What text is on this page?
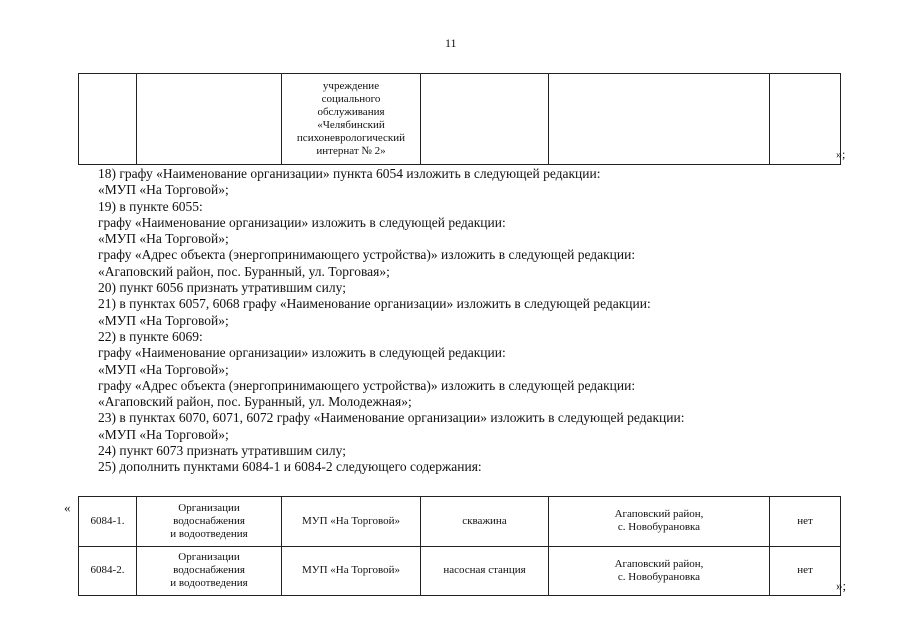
11
		учреждение
социального
обслуживания
«Челябинский
психоневрологический
интернат № 2»				»;
18) графу «Наименование организации» пункта 6054 изложить в следующей редакции:
«МУП «На Торговой»;
19) в пункте 6055:
графу «Наименование организации» изложить в следующей редакции:
«МУП «На Торговой»;
графу «Адрес объекта (энергопринимающего устройства)» изложить в следующей редакции:
«Агаповский район, пос. Буранный, ул. Торговая»;
20) пункт 6056 признать утратившим силу;
21) в пунктах 6057, 6068 графу «Наименование организации» изложить в следующей редакции:
«МУП «На Торговой»;
22) в пункте 6069:
графу «Наименование организации» изложить в следующей редакции:
«МУП «На Торговой»;
графу «Адрес объекта (энергопринимающего устройства)» изложить в следующей редакции:
«Агаповский район, пос. Буранный, ул. Молодежная»;
23) в пунктах 6070, 6071, 6072 графу «Наименование организации» изложить в следующей редакции:
«МУП «На Торговой»;
24) пункт 6073 признать утратившим силу;
25) дополнить пунктами 6084-1 и 6084-2 следующего содержания:
«
6084-1.	Организации
водоснабжения
и водоотведения	МУП «На Торговой»	скважина	Агаповский район,
с. Новобурановка	нет
6084-2.	Организации
водоснабжения
и водоотведения	МУП «На Торговой»	насосная станция	Агаповский район,
с. Новобурановка	нет
»;
